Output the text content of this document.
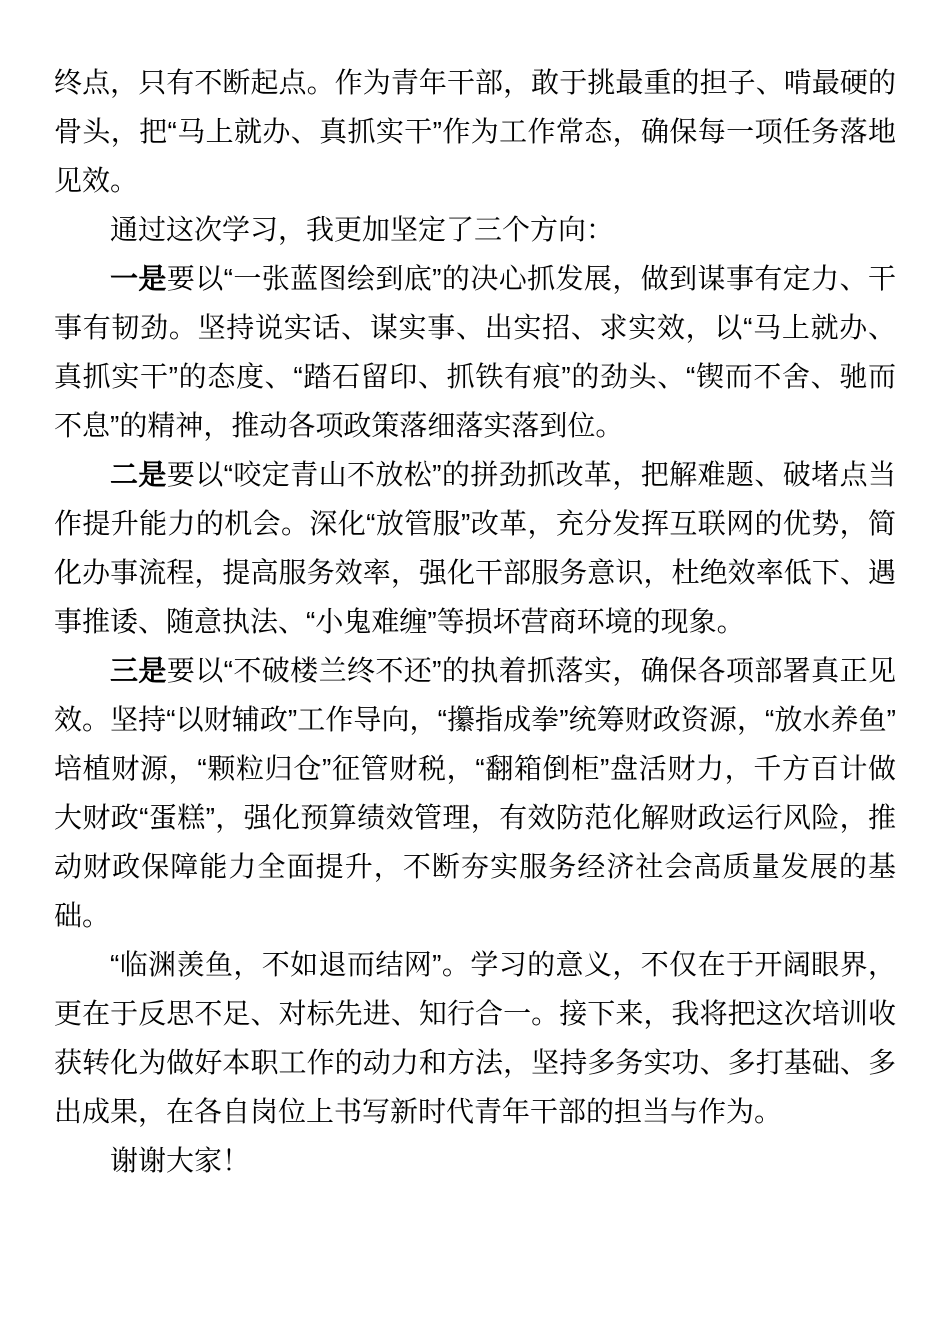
终点，只有不断起点。作为青年干部，敢于挑最重的担子、啃最硬的骨头，把“马上就办、真抓实干”作为工作常态，确保每一项任务落地见效。

通过这次学习，我更加坚定了三个方向：

一是要以“一张蓝图绘到底”的决心抓发展，做到谋事有定力、干事有韧劲。坚持说实话、谋实事、出实招、求实效，以“马上就办、真抓实干”的态度、“踏石留印、抓铁有痕”的劲头、“锲而不舍、驰而不息”的精神，推动各项政策落细落实落到位。

二是要以“咬定青山不放松”的拼劲抓改革，把解难题、破堵点当作提升能力的机会。深化“放管服”改革，充分发挥互联网的优势，简化办事流程，提高服务效率，强化干部服务意识，杜绝效率低下、遇事推诿、随意执法、“小鬼难缠”等损坏营商环境的现象。

三是要以“不破楼兰终不还”的执着抓落实，确保各项部署真正见效。坚持“以财辅政”工作导向，“攥指成拳”统筹财政资源，“放水养鱼”培植财源，“颗粒归仓”征管财税，“翻箱倒柜”盘活财力，千方百计做大财政“蛋糕”，强化预算绩效管理，有效防范化解财政运行风险，推动财政保障能力全面提升，不断夯实服务经济社会高质量发展的基础。

“临渊羡鱼，不如退而结网”。学习的意义，不仅在于开阔眼界，更在于反思不足、对标先进、知行合一。接下来，我将把这次培训收获转化为做好本职工作的动力和方法，坚持多务实功、多打基础、多出成果，在各自岗位上书写新时代青年干部的担当与作为。

谢谢大家！
